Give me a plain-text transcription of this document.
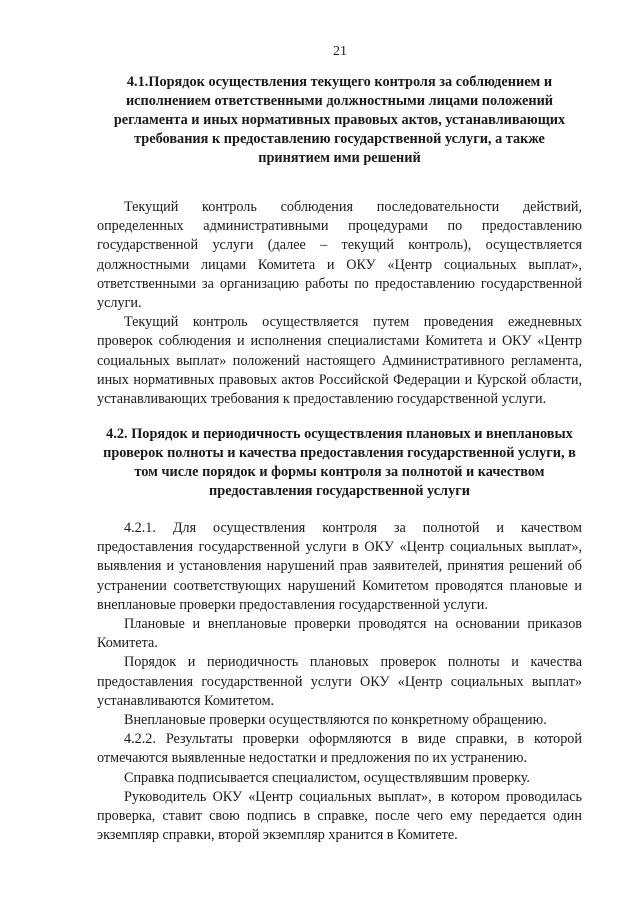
21
4.1.Порядок осуществления текущего контроля за соблюдением и исполнением ответственными должностными лицами положений регламента и иных нормативных правовых актов, устанавливающих требования к предоставлению государственной услуги, а также принятием ими решений

Текущий контроль соблюдения последовательности действий, определенных административными процедурами по предоставлению государственной услуги (далее – текущий контроль), осуществляется должностными лицами Комитета и ОКУ «Центр социальных выплат», ответственными за организацию работы по предоставлению государственной услуги.

Текущий контроль осуществляется путем проведения ежедневных проверок соблюдения и исполнения специалистами Комитета и ОКУ «Центр социальных выплат» положений настоящего Административного регламента, иных нормативных правовых актов Российской Федерации и Курской области, устанавливающих требования к предоставлению государственной услуги.

4.2. Порядок и периодичность осуществления плановых и внеплановых проверок полноты и качества предоставления государственной услуги, в том числе порядок и формы контроля за полнотой и качеством предоставления государственной услуги

4.2.1. Для осуществления контроля за полнотой и качеством предоставления государственной услуги в ОКУ «Центр социальных выплат», выявления и установления нарушений прав заявителей, принятия решений об устранении соответствующих нарушений Комитетом проводятся плановые и внеплановые проверки предоставления государственной услуги.

Плановые и внеплановые проверки проводятся на основании приказов Комитета.

Порядок и периодичность плановых проверок полноты и качества предоставления государственной услуги ОКУ «Центр социальных выплат» устанавливаются Комитетом.

Внеплановые проверки осуществляются по конкретному обращению.

4.2.2. Результаты проверки оформляются в виде справки, в которой отмечаются выявленные недостатки и предложения по их устранению.

Справка подписывается специалистом, осуществлявшим проверку.

Руководитель ОКУ «Центр социальных выплат», в котором проводилась проверка, ставит свою подпись в справке, после чего ему передается один экземпляр справки, второй экземпляр хранится в Комитете.
